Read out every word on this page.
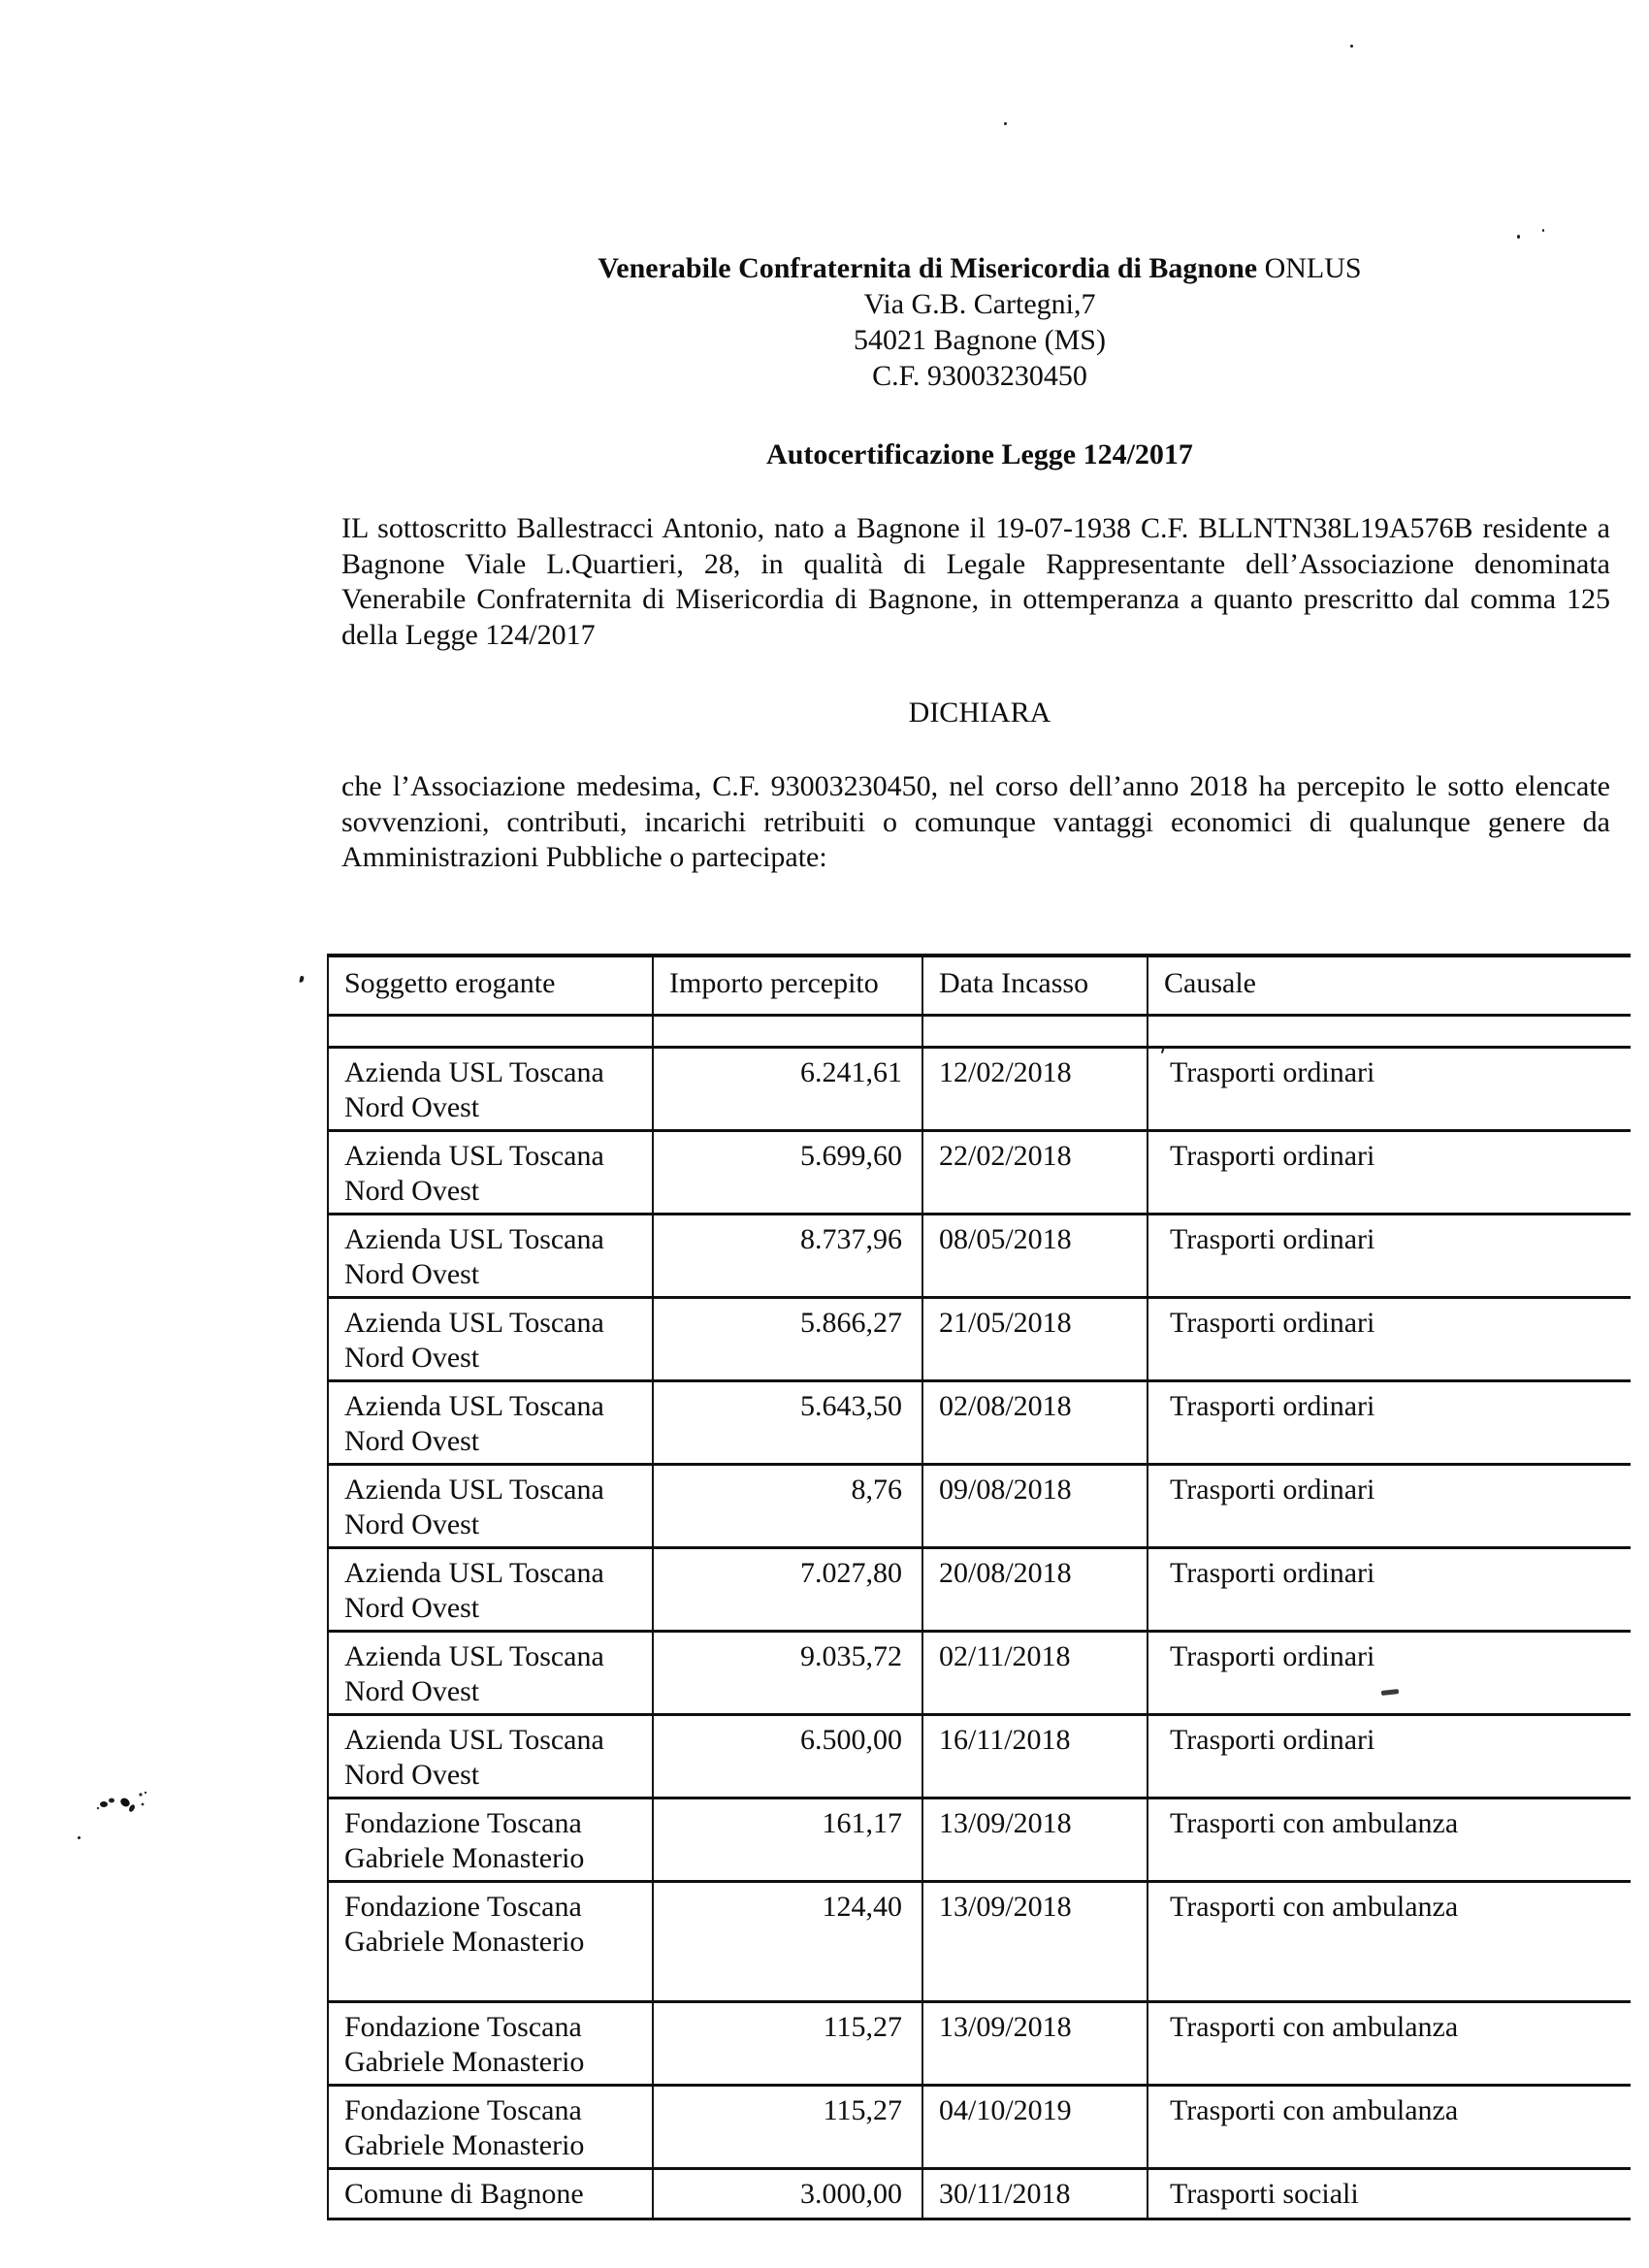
Venerabile Confraternita di Misericordia di Bagnone ONLUS
Via G.B. Cartegni,7
54021 Bagnone (MS)
C.F. 93003230450
Autocertificazione Legge 124/2017
IL sottoscritto Ballestracci Antonio, nato a Bagnone il 19-07-1938 C.F. BLLNTN38L19A576B residente a Bagnone Viale L.Quartieri, 28, in qualità di Legale Rappresentante dell’Associazione denominata Venerabile Confraternita di Misericordia di Bagnone, in ottemperanza a quanto prescritto dal comma 125 della Legge 124/2017
DICHIARA
che l’Associazione medesima, C.F. 93003230450, nel corso dell’anno 2018 ha percepito le sotto elencate sovvenzioni, contributi, incarichi retribuiti o comunque vantaggi economici di qualunque genere da Amministrazioni Pubbliche o partecipate:
Soggetto erogante	Importo percepito	Data Incasso	Causale

Azienda USL Toscana Nord Ovest	6.241,61	12/02/2018	Trasporti ordinari
Azienda USL Toscana Nord Ovest	5.699,60	22/02/2018	Trasporti ordinari
Azienda USL Toscana Nord Ovest	8.737,96	08/05/2018	Trasporti ordinari
Azienda USL Toscana Nord Ovest	5.866,27	21/05/2018	Trasporti ordinari
Azienda USL Toscana Nord Ovest	5.643,50	02/08/2018	Trasporti ordinari
Azienda USL Toscana Nord Ovest	8,76	09/08/2018	Trasporti ordinari
Azienda USL Toscana Nord Ovest	7.027,80	20/08/2018	Trasporti ordinari
Azienda USL Toscana Nord Ovest	9.035,72	02/11/2018	Trasporti ordinari
Azienda USL Toscana Nord Ovest	6.500,00	16/11/2018	Trasporti ordinari
Fondazione Toscana Gabriele Monasterio	161,17	13/09/2018	Trasporti con ambulanza
Fondazione Toscana Gabriele Monasterio	124,40	13/09/2018	Trasporti con ambulanza
Fondazione Toscana Gabriele Monasterio	115,27	13/09/2018	Trasporti con ambulanza
Fondazione Toscana Gabriele Monasterio	115,27	04/10/2019	Trasporti con ambulanza
Comune di Bagnone	3.000,00	30/11/2018	Trasporti sociali
